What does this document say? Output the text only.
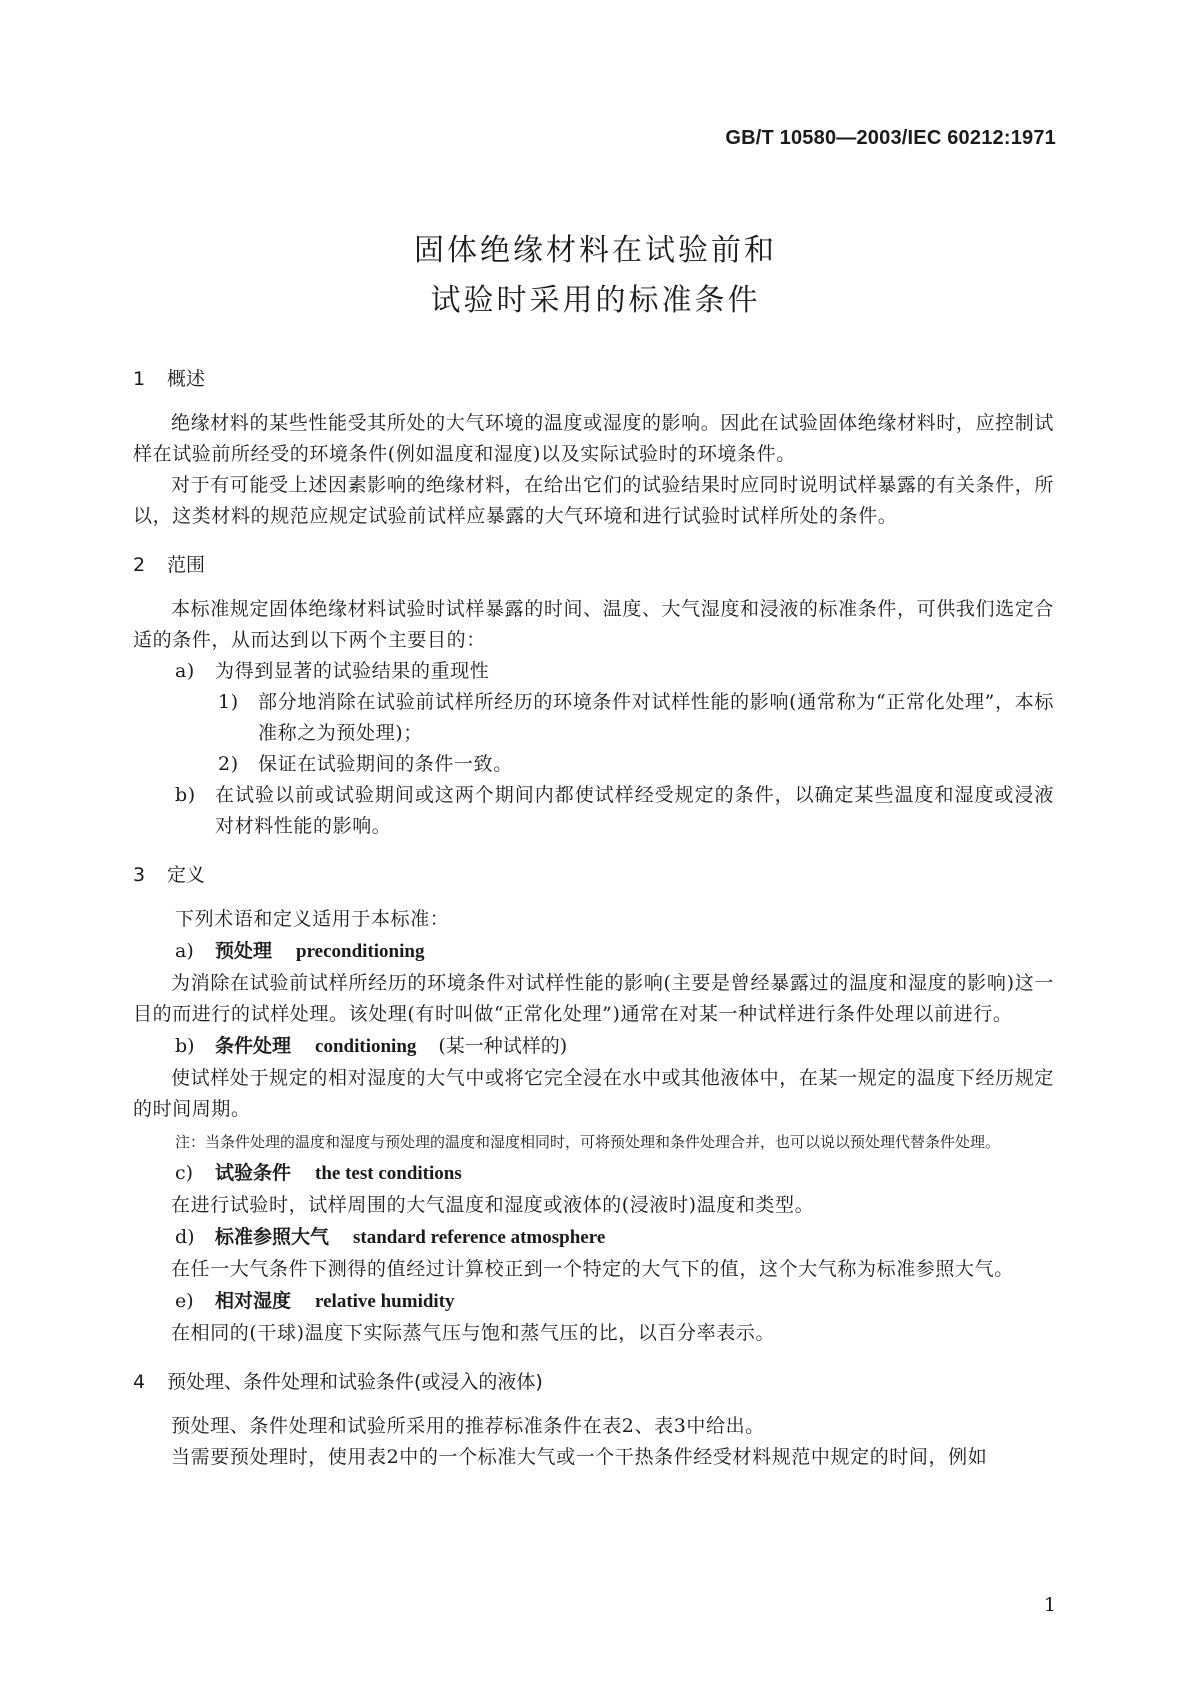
GB/T 10580—2003/IEC 60212:1971
固体绝缘材料在试验前和
试验时采用的标准条件
1 概述

绝缘材料的某些性能受其所处的大气环境的温度或湿度的影响。因此在试验固体绝缘材料时，应控制试样在试验前所经受的环境条件(例如温度和湿度)以及实际试验时的环境条件。

对于有可能受上述因素影响的绝缘材料，在给出它们的试验结果时应同时说明试样暴露的有关条件，所以，这类材料的规范应规定试验前试样应暴露的大气环境和进行试验时试样所处的条件。

2 范围

本标准规定固体绝缘材料试验时试样暴露的时间、温度、大气湿度和浸液的标准条件，可供我们选定合适的条件，从而达到以下两个主要目的：

a) 为得到显著的试验结果的重现性
1) 部分地消除在试验前试样所经历的环境条件对试样性能的影响(通常称为“正常化处理”，本标准称之为预处理)；
2) 保证在试验期间的条件一致。
b) 在试验以前或试验期间或这两个期间内都使试样经受规定的条件，以确定某些温度和湿度或浸液对材料性能的影响。
3 定义

下列术语和定义适用于本标准：

a) 预处理 preconditioning

为消除在试验前试样所经历的环境条件对试样性能的影响(主要是曾经暴露过的温度和湿度的影响)这一目的而进行的试样处理。该处理(有时叫做“正常化处理”)通常在对某一种试样进行条件处理以前进行。

b) 条件处理 conditioning (某一种试样的)

使试样处于规定的相对湿度的大气中或将它完全浸在水中或其他液体中，在某一规定的温度下经历规定的时间周期。

注：当条件处理的温度和湿度与预处理的温度和湿度相同时，可将预处理和条件处理合并，也可以说以预处理代替条件处理。
c) 试验条件 the test conditions

在进行试验时，试样周围的大气温度和湿度或液体的(浸液时)温度和类型。

d) 标准参照大气 standard reference atmosphere

在任一大气条件下测得的值经过计算校正到一个特定的大气下的值，这个大气称为标准参照大气。

e) 相对湿度 relative humidity

在相同的(干球)温度下实际蒸气压与饱和蒸气压的比，以百分率表示。

4 预处理、条件处理和试验条件(或浸入的液体)

预处理、条件处理和试验所采用的推荐标准条件在表2、表3中给出。

当需要预处理时，使用表2中的一个标准大气或一个干热条件经受材料规范中规定的时间，例如

1
